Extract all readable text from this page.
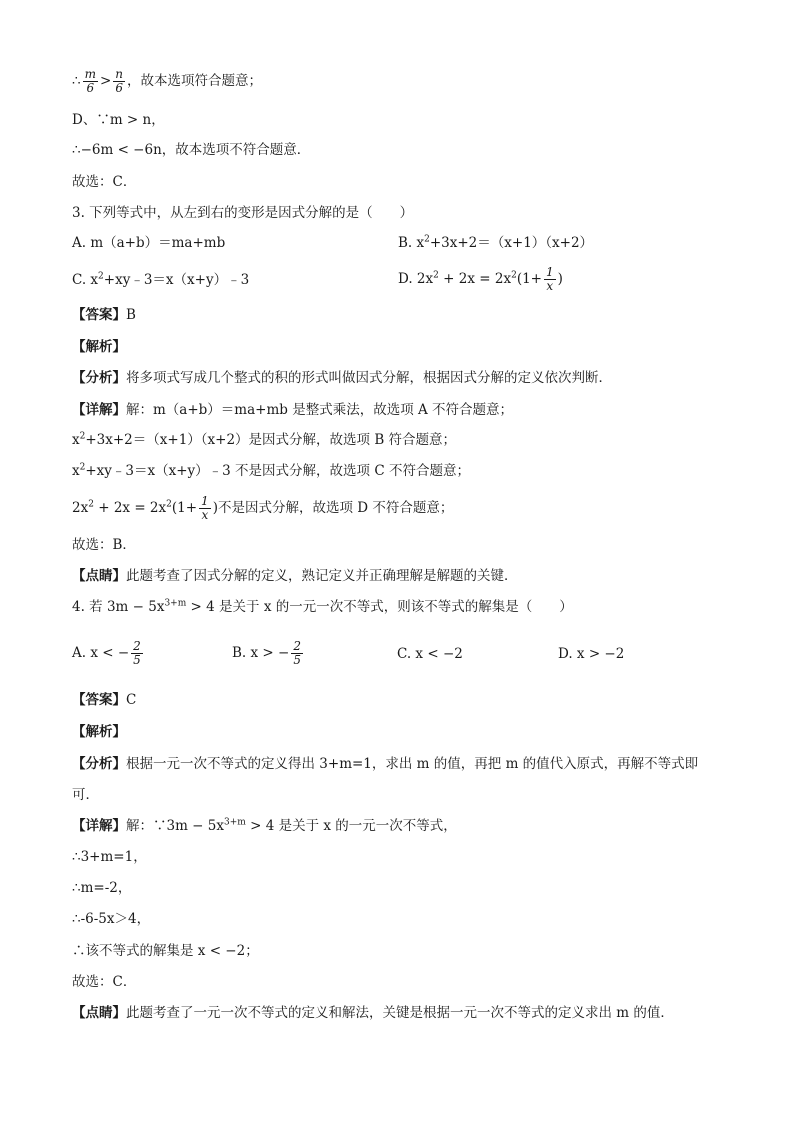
∴ $\frac{m}{6} > \frac{n}{6}$ ，故本选项符合题意；
D、∵m > n，
∴−6m < −6n，故本选项不符合题意．
故选：C．
3. 下列等式中，从左到右的变形是因式分解的是（　　）
A. m（a+b）＝ma+mb	B. $x^2+3x+2=(x+1)(x+2)$
C. $x^2+xy﹣3=x(x+y)﹣3$	D. $2x^2 + 2x = 2x^2(1+ \frac{1}{x}$ )
【答案】B
【解析】
【分析】将多项式写成几个整式的积的形式叫做因式分解，根据因式分解的定义依次判断．
【详解】解：m（a+b）＝ma+mb 是整式乘法，故选项 A 不符合题意；
$x^2+3x+2=(x+1)(x+2)$是因式分解，故选项 B 符合题意；
$x^2+xy﹣3=x(x+y)﹣3$ 不是因式分解，故选项 C 不符合题意；
$2x^2 + 2x = 2x^2(1+ \frac{1}{x}$ )不是因式分解，故选项 D 不符合题意；
故选：B．
【点睛】此题考查了因式分解的定义，熟记定义并正确理解是解题的关键．
4. 若 $3m - 5x^{3+m} > 4$ 是关于 x 的一元一次不等式，则该不等式的解集是（　　）
A. x < − $\frac{2}{5}$	B. x > − $\frac{2}{5}$	C. x < −2	D. x > −2
【答案】C
【解析】
【分析】根据一元一次不等式的定义得出 3+m=1，求出 m 的值，再把 m 的值代入原式，再解不等式即
可．
【详解】解：∵3m − $5x^{3+m} > 4$ 是关于 x 的一元一次不等式，
∴3+m=1，
∴m=-2，
∴-6-5x＞4，
∴该不等式的解集是 x < −2；
故选：C．
【点睛】此题考查了一元一次不等式的定义和解法，关键是根据一元一次不等式的定义求出 m 的值．
